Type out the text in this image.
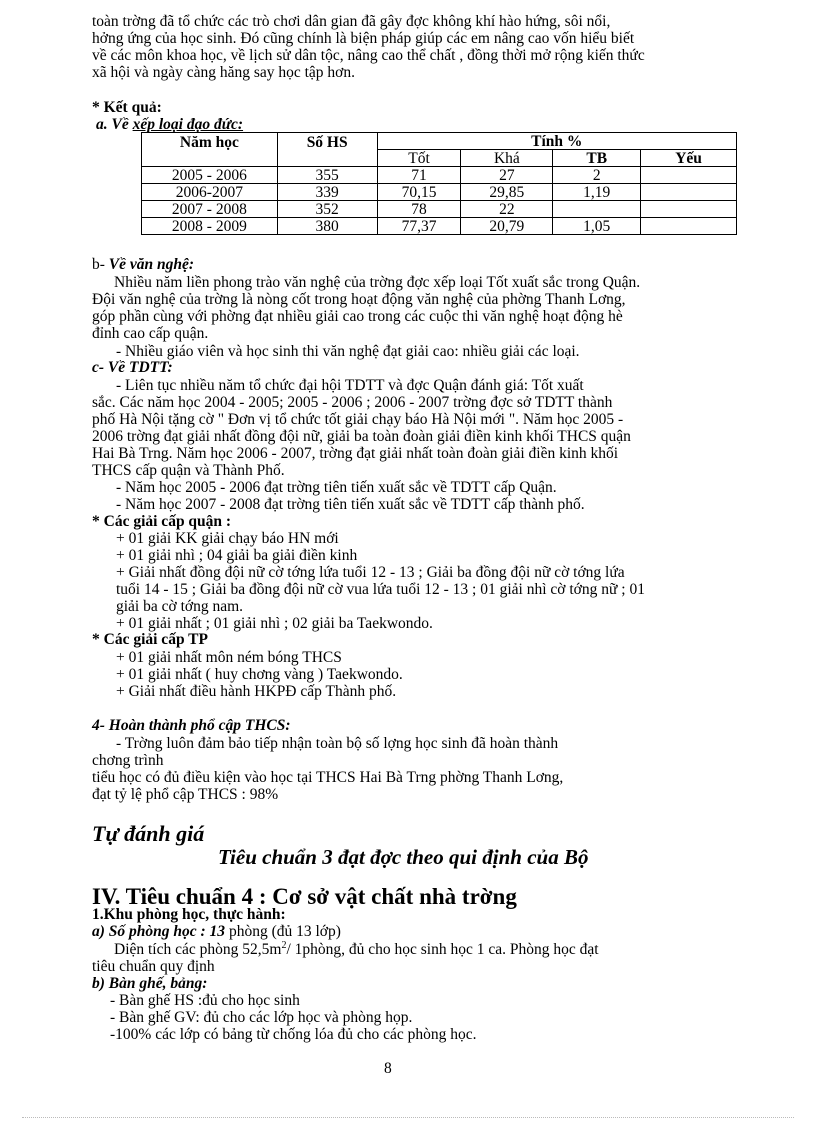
toàn trờng đã tổ chức các trò chơi dân gian đã gây đợc không khí hào hứng, sôi nổi,
hởng ứng của học sinh. Đó cũng chính là biện pháp giúp các em nâng cao vốn hiểu biết
về các môn khoa học, về lịch sử dân tộc, nâng cao thể chất , đồng thời mở rộng kiến thức
xã hội và ngày càng hăng say học tập hơn.
* Kết quả:
a. Về xếp loại đạo đức:
Năm học	Số HS	Tính %			
		Tốt	Khá	TB	Yếu
2005 - 2006	355	71	27	2	
2006-2007	339	70,15	29,85	1,19	
2007 - 2008	352	78	22		
2008 - 2009	380	77,37	20,79	1,05	
b- Về văn nghệ:
Nhiều năm liền phong trào văn nghệ của trờng đợc xếp loại Tốt xuất sắc trong Quận.
Đội văn nghệ của trờng là nòng cốt trong hoạt động văn nghệ của phờng Thanh Lơng,
góp phần cùng với phờng đạt nhiều giải cao trong các cuộc thi văn nghệ hoạt động hè
đỉnh cao cấp quận.
- Nhiều giáo viên và học sinh thi văn nghệ đạt giải cao: nhiều giải các loại.
c- Về TDTT:
- Liên tục nhiều năm tổ chức đại hội TDTT và đợc Quận đánh giá: Tốt xuất
sắc. Các năm học 2004 - 2005; 2005 - 2006 ; 2006 - 2007 trờng đợc sở TDTT thành
phố Hà Nội tặng cờ " Đơn vị tổ chức tốt giải chạy báo Hà Nội mới ". Năm học 2005 -
2006 trờng đạt giải nhất đồng đội nữ, giải ba toàn đoàn giải điền kinh khối THCS quận
Hai Bà Trng. Năm học 2006 - 2007, trờng đạt giải nhất toàn đoàn giải điền kinh khối
THCS cấp quận và Thành Phố.
- Năm học 2005 - 2006 đạt trờng tiên tiến xuất sắc về TDTT cấp Quận.
- Năm học 2007 - 2008 đạt trờng tiên tiến xuất sắc về TDTT cấp thành phố.
* Các giải cấp quận :
+ 01 giải KK giải chạy báo HN mới
+ 01 giải nhì ; 04 giải ba giải điền kinh
+ Giải nhất đồng đội nữ cờ tớng lứa tuổi 12 - 13 ; Giải ba đồng đội nữ cờ tớng lứa
tuổi 14 - 15 ; Giải ba đồng đội nữ cờ vua lứa tuổi 12 - 13 ; 01 giải nhì cờ tớng nữ ; 01
giải ba cờ tớng nam.
+ 01 giải nhất ; 01 giải nhì ; 02 giải ba Taekwondo.
* Các giải cấp TP
+ 01 giải nhất môn ném bóng THCS
+ 01 giải nhất ( huy chơng vàng ) Taekwondo.
+ Giải nhất điều hành HKPĐ cấp Thành phố.
4- Hoàn thành phổ cập THCS:
- Trờng luôn đảm bảo tiếp nhận toàn bộ số lợng học sinh đã hoàn thành
chơng trình
tiểu học có đủ điều kiện vào học tại THCS Hai Bà Trng phờng Thanh Lơng,
đạt tỷ lệ phổ cập THCS : 98%
Tự đánh giá
Tiêu chuẩn 3 đạt đợc theo qui định của Bộ
IV. Tiêu chuẩn 4 : Cơ sở vật chất nhà trờng
1.Khu phòng học, thực hành:
a) Số phòng học : 13 phòng (đủ 13 lớp)
Diện tích các phòng $52,5m^2/$ 1phòng, đủ cho học sinh học 1 ca. Phòng học đạt
tiêu chuẩn quy định
b) Bàn ghế, bảng:
- Bàn ghế HS :đủ cho học sinh
- Bàn ghế GV: đủ cho các lớp học và phòng họp.
-100% các lớp có bảng từ chống lóa đủ cho các phòng học.
8
